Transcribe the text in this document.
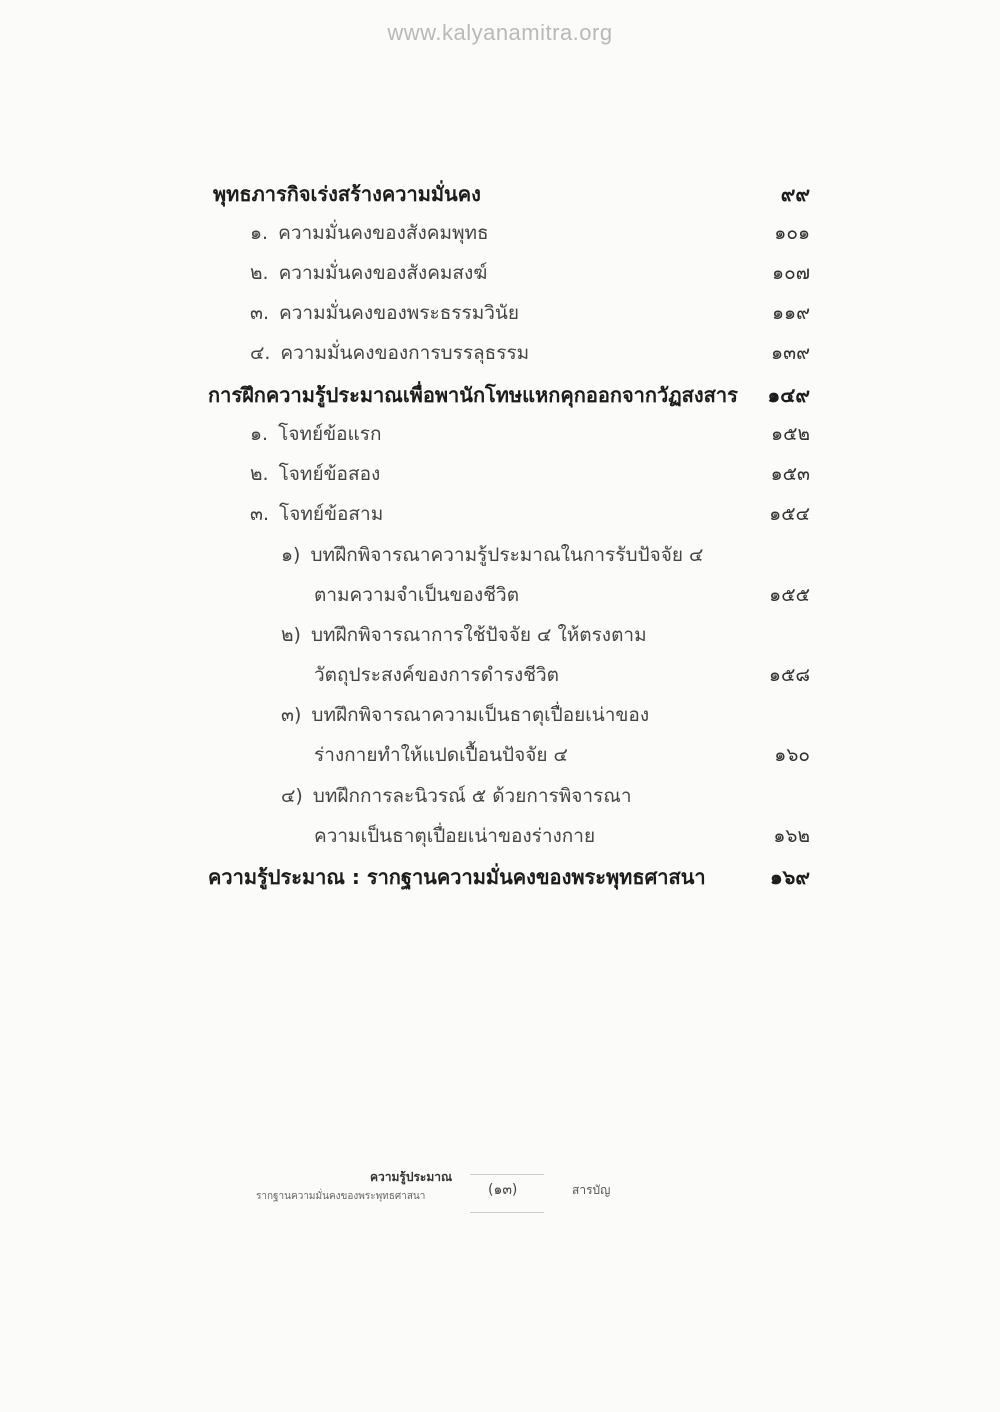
www.kalyanamitra.org
พุทธภารกิจเร่งสร้างความมั่นคง	๙๙
๑. ความมั่นคงของสังคมพุทธ	๑๐๑
๒. ความมั่นคงของสังคมสงฆ์	๑๐๗
๓. ความมั่นคงของพระธรรมวินัย	๑๑๙
๔. ความมั่นคงของการบรรลุธรรม	๑๓๙
การฝึกความรู้ประมาณเพื่อพานักโทษแหกคุกออกจากวัฏสงสาร ๑๔๙
๑. โจทย์ข้อแรก	๑๕๒
๒. โจทย์ข้อสอง	๑๕๓
๓. โจทย์ข้อสาม	๑๕๔
๑) บทฝึกพิจารณาความรู้ประมาณในการรับปัจจัย ๔
ตามความจำเป็นของชีวิต	๑๕๕
๒) บทฝึกพิจารณาการใช้ปัจจัย ๔ ให้ตรงตาม
วัตถุประสงค์ของการดำรงชีวิต	๑๕๘
๓) บทฝึกพิจารณาความเป็นธาตุเปื่อยเน่าของ
ร่างกายทำให้แปดเปื้อนปัจจัย ๔	๑๖๐
๔) บทฝึกการละนิวรณ์ ๕ ด้วยการพิจารณา
ความเป็นธาตุเปื่อยเน่าของร่างกาย	๑๖๒
ความรู้ประมาณ : รากฐานความมั่นคงของพระพุทธศาสนา	๑๖๙
ความรู้ประมาณ
รากฐานความมั่นคงของพระพุทธศาสนา	(๑๓)	สารบัญ
